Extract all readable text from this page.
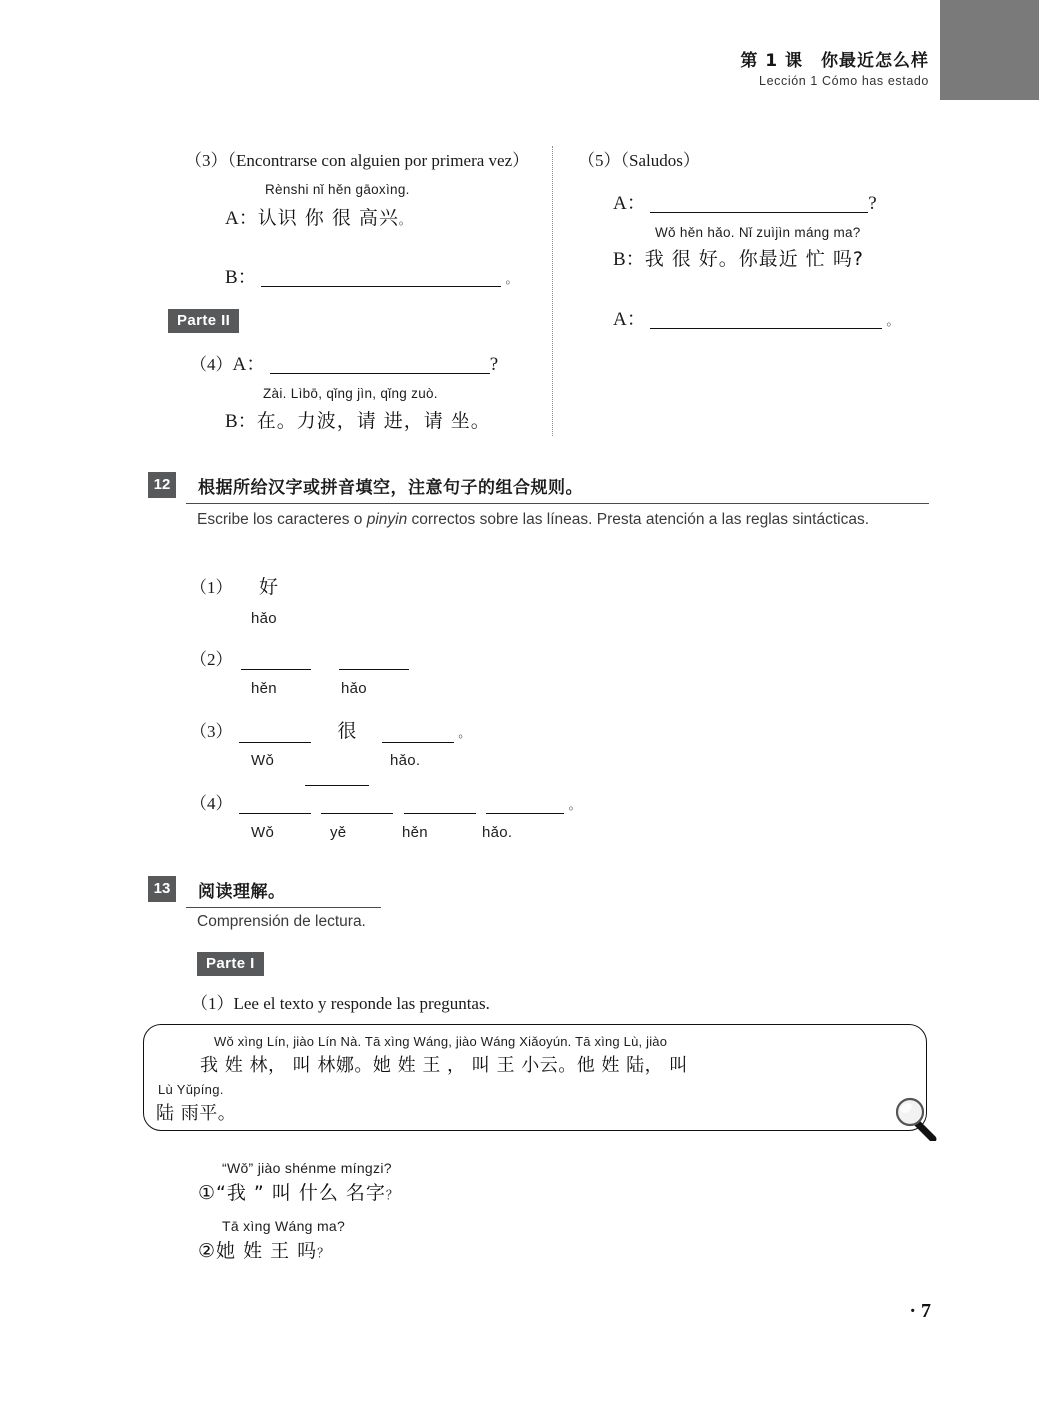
第 1 课　你最近怎么样
Lección 1 Cómo has estado
（3）（Encontrarse con alguien por primera vez）
Rènshi nǐ hěn gāoxìng.
A：认识 你 很 高兴。
B：	。
Parte II
（4）A：	?
Zài. Lìbō, qǐng jìn, qǐng zuò.
B：在。力波，请 进，请 坐。
（5）（Saludos）
A：	?
Wǒ hěn hǎo. Nǐ zuìjìn máng ma?
B：我 很 好。你最近 忙 吗?
A：	。
12	根据所给汉字或拼音填空，注意句子的组合规则。
Escribe los caracteres o pinyin correctos sobre las líneas. Presta atención a las reglas sintácticas.
（1） 好
hǎo
（2）
hěn	hǎo
（3）	很	。
Wǒ	hǎo.
（4）	。
Wǒ	yě	hěn	hǎo.
13	阅读理解。
Comprensión de lectura.
Parte I
（1）Lee el texto y responde las preguntas.
Wǒ xìng Lín, jiào Lín Nà. Tā xìng Wáng, jiào Wáng Xiǎoyún. Tā xìng Lù, jiào
我 姓 林， 叫 林娜。她 姓 王 ， 叫 王 小云。他 姓 陆， 叫
Lù Yǔpíng.
陆 雨平。
“Wǒ” jiào shénme míngzi?
①“我 ” 叫 什么 名字？
Tā xìng Wáng ma?
②她 姓 王 吗？
· 7
